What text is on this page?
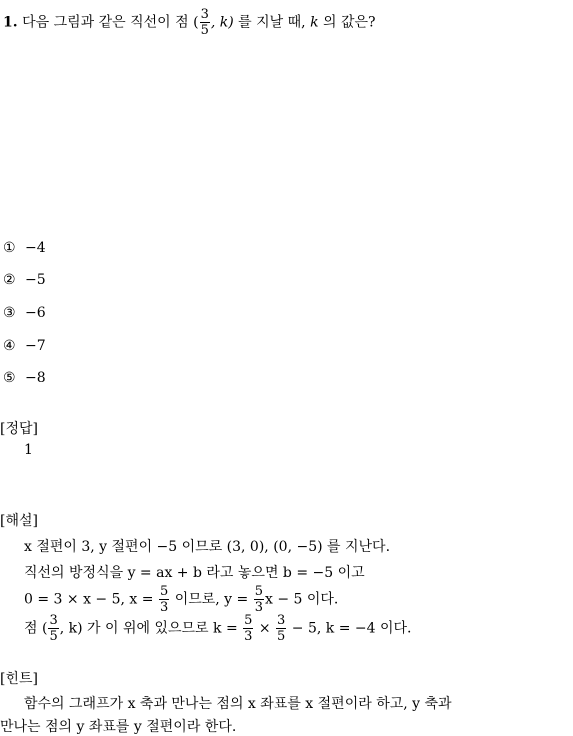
1. 다음 그림과 같은 직선이 점 ( $\frac{3}{5}$ , k) 를 지날 때, k 의 값은?
① −4
② −5
③ −6
④ −7
⑤ −8
[정답]
1
[해설]
x 절편이 3, y 절편이 −5 이므로 (3, 0), (0, −5) 를 지난다.
직선의 방정식을 y = ax + b 라고 놓으면 b = −5 이고
0 = 3 × x − 5, $x = \frac{5}{3}$ 이므로, $y = \frac{5}{3}$ x − 5 이다.
점 ( $\frac{3}{5}$ , k) 가 이 위에 있으므로 $k = \frac{5}{3} \times \frac{3}{5} - 5$, k = −4 이다.
[힌트]
함수의 그래프가 x 축과 만나는 점의 x 좌표를 x 절편이라 하고, y 축과
만나는 점의 y 좌표를 y 절편이라 한다.
